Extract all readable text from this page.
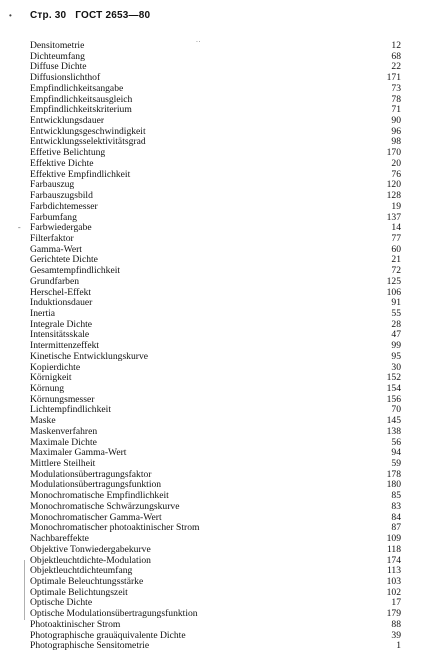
Стр. 30 ГОСТ 2653—80
•
˙˙
ˉ
Densitometrie	12
Dichteumfang	68
Diffuse Dichte	22
Diffusionslichthof	171
Empfindlichkeitsangabe	73
Empfindlichkeitsausgleich	78
Empfindlichkeitskriterium	71
Entwicklungsdauer	90
Entwicklungsgeschwindigkeit	96
Entwicklungsselektivitätsgrad	98
Effetive Belichtung	170
Effektive Dichte	20
Effektive Empfindlichkeit	76
Farbauszug	120
Farbauszugsbild	128
Farbdichtemesser	19
Farbumfang	137
Farbwiedergabe	14
Filterfaktor	77
Gamma-Wert	60
Gerichtete Dichte	21
Gesamtempfindlichkeit	72
Grundfarben	125
Herschel-Effekt	106
Induktionsdauer	91
Inertia	55
Integrale Dichte	28
Intensitätsskale	47
Intermittenzeffekt	99
Kinetische Entwicklungskurve	95
Kopierdichte	30
Körnigkeit	152
Körnung	154
Körnungsmesser	156
Lichtempfindlichkeit	70
Maske	145
Maskenverfahren	138
Maximale Dichte	56
Maximaler Gamma-Wert	94
Mittlere Steilheit	59
Modulationsübertragungsfaktor	178
Modulationsübertragungsfunktion	180
Monochromatische Empfindlichkeit	85
Monochromatische Schwärzungskurve	83
Monochromatischer Gamma-Wert	84
Monochromatischer photoaktinischer Strom	87
Nachbareffekte	109
Objektive Tonwiedergabekurve	118
Objektleuchtdichte-Modulation	174
Objektleuchtdichteumfang	113
Optimale Beleuchtungsstärke	103
Optimale Belichtungszeit	102
Optische Dichte	17
Optische Modulationsübertragungsfunktion	179
Photoaktinischer Strom	88
Photographische grauäquivalente Dichte	39
Photographische Sensitometrie	1
